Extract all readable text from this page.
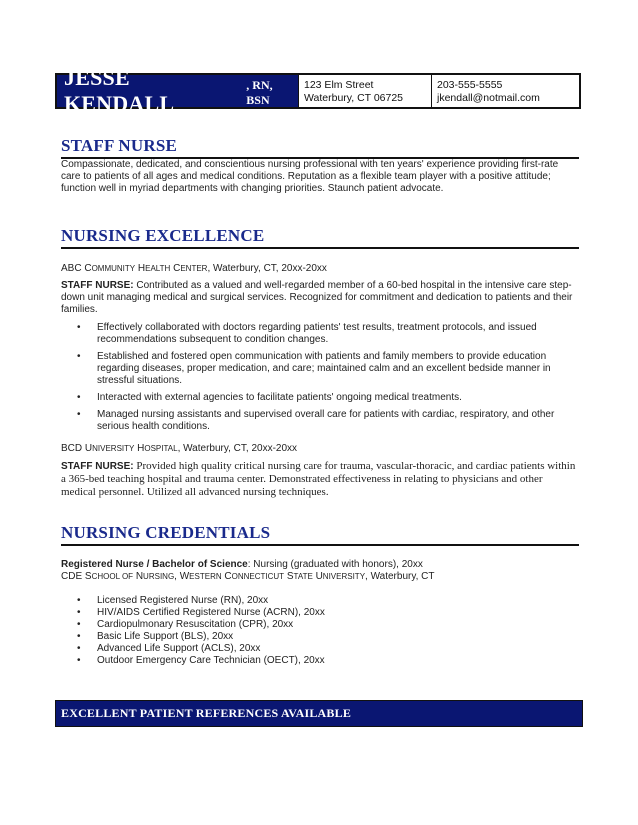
JESSE KENDALL
, RN, BSN
123 Elm Street
Waterbury, CT 06725
203-555-5555
jkendall@notmail.com
STAFF NURSE
Compassionate, dedicated, and conscientious nursing professional with ten years' experience providing first-rate care to patients of all ages and medical conditions. Reputation as a flexible team player with a positive attitude; function well in myriad departments with changing priorities. Staunch patient advocate.
NURSING EXCELLENCE
ABC COMMUNITY HEALTH CENTER, Waterbury, CT, 20xx-20xx
STAFF NURSE: Contributed as a valued and well-regarded member of a 60-bed hospital in the intensive care step-down unit managing medical and surgical services. Recognized for commitment and dedication to patients and their families.
• Effectively collaborated with doctors regarding patients' test results, treatment protocols, and issued recommendations subsequent to condition changes.
• Established and fostered open communication with patients and family members to provide education regarding diseases, proper medication, and care; maintained calm and an excellent bedside manner in stressful situations.
• Interacted with external agencies to facilitate patients' ongoing medical treatments.
• Managed nursing assistants and supervised overall care for patients with cardiac, respiratory, and other serious health conditions.
BCD UNIVERSITY HOSPITAL, Waterbury, CT, 20xx-20xx
STAFF NURSE: Provided high quality critical nursing care for trauma, vascular-thoracic, and cardiac patients within a 365-bed teaching hospital and trauma center. Demonstrated effectiveness in relating to physicians and other medical personnel. Utilized all advanced nursing techniques.
NURSING CREDENTIALS
Registered Nurse / Bachelor of Science: Nursing (graduated with honors), 20xx
CDE SCHOOL OF NURSING, WESTERN CONNECTICUT STATE UNIVERSITY, Waterbury, CT
• Licensed Registered Nurse (RN), 20xx
• HIV/AIDS Certified Registered Nurse (ACRN), 20xx
• Cardiopulmonary Resuscitation (CPR), 20xx
• Basic Life Support (BLS), 20xx
• Advanced Life Support (ACLS), 20xx
• Outdoor Emergency Care Technician (OECT), 20xx
EXCELLENT PATIENT REFERENCES AVAILABLE
